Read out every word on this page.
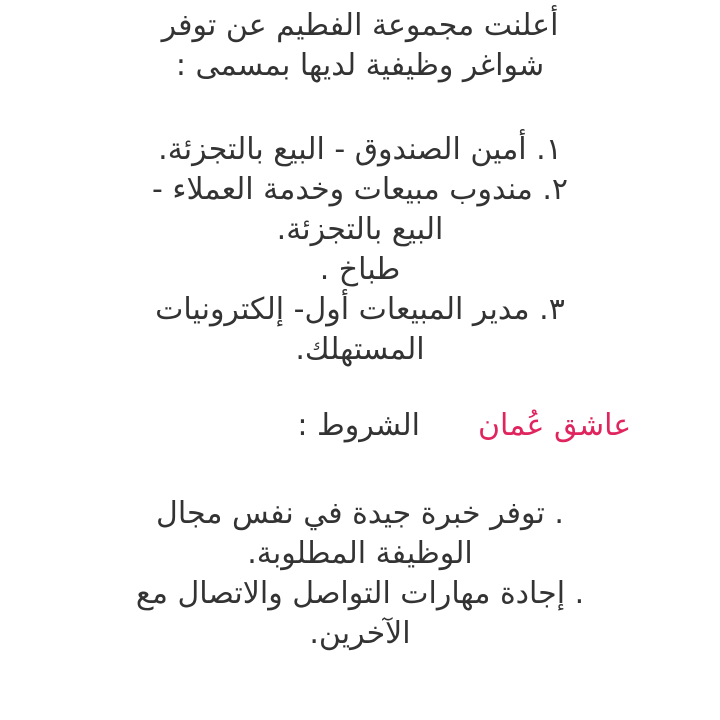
أعلنت مجموعة الفطيم عن توفر
شواغر وظيفية لديها بمسمى :
١. أمين الصندوق - البيع بالتجزئة.
٢. مندوب مبيعات وخدمة العملاء -
البيع بالتجزئة.
طباخ .
٣. مدير المبيعات أول- إلكترونيات
المستهلك.
الشروط : عاشق عُمان
. توفر خبرة جيدة في نفس مجال
الوظيفة المطلوبة.
. إجادة مهارات التواصل والاتصال مع
الآخرين.
